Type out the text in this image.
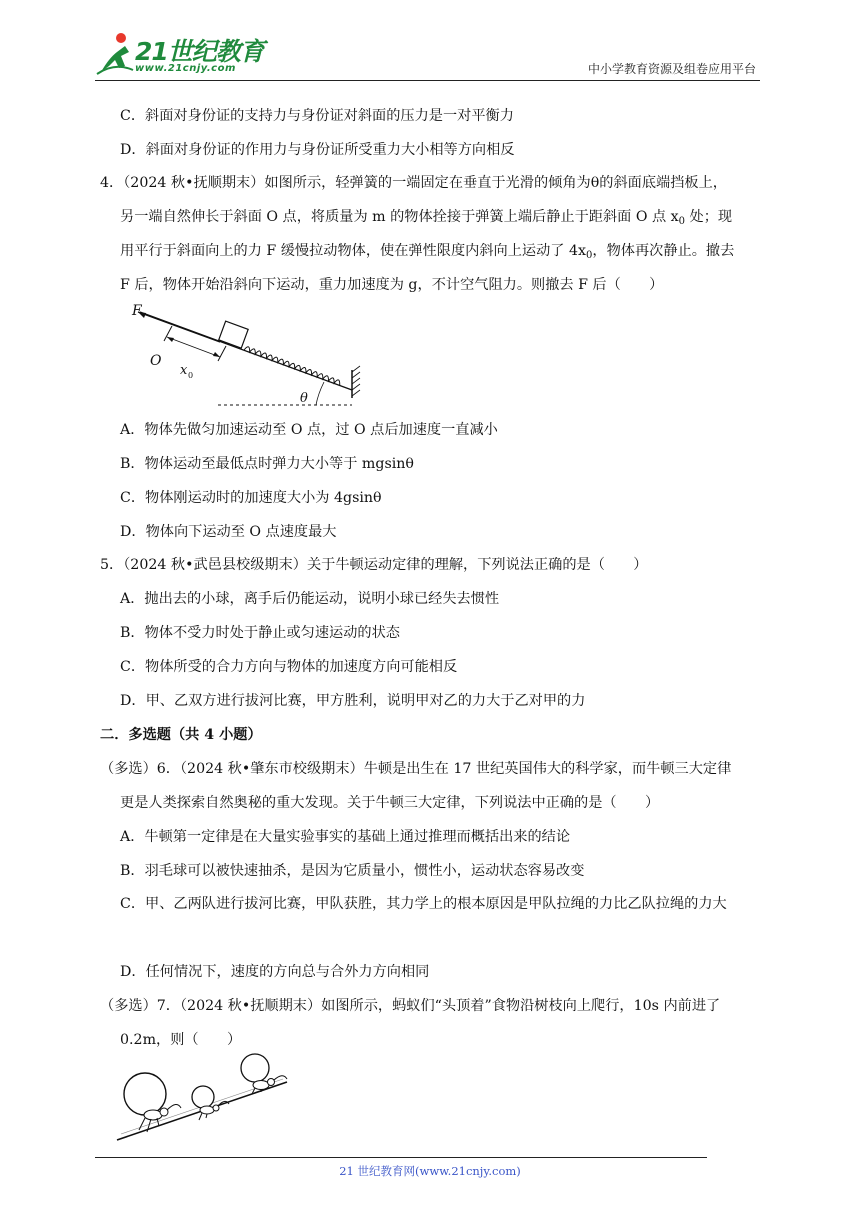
21世纪教育
www.21cnjy.com	中小学教育资源及组卷应用平台
C．斜面对身份证的支持力与身份证对斜面的压力是一对平衡力
D．斜面对身份证的作用力与身份证所受重力大小相等方向相反
4．（2024 秋•抚顺期末）如图所示，轻弹簧的一端固定在垂直于光滑的倾角为θ的斜面底端挡板上，
另一端自然伸长于斜面 O 点，将质量为 m 的物体拴接于弹簧上端后静止于距斜面 O 点 $x_0$ 处；现
用平行于斜面向上的力 F 缓慢拉动物体，使在弹性限度内斜向上运动了 $4x_0$，物体再次静止。撤去
F 后，物体开始沿斜向下运动，重力加速度为 g，不计空气阻力。则撤去 F 后（　　）
F
O
x 0
θ
A．物体先做匀加速运动至 O 点，过 O 点后加速度一直减小
B．物体运动至最低点时弹力大小等于 mgsinθ
C．物体刚运动时的加速度大小为 4gsinθ
D．物体向下运动至 O 点速度最大
5．（2024 秋•武邑县校级期末）关于牛顿运动定律的理解，下列说法正确的是（　　）
A．抛出去的小球，离手后仍能运动，说明小球已经失去惯性
B．物体不受力时处于静止或匀速运动的状态
C．物体所受的合力方向与物体的加速度方向可能相反
D．甲、乙双方进行拔河比赛，甲方胜利，说明甲对乙的力大于乙对甲的力
二．多选题（共 4 小题）
（多选）6．（2024 秋•肇东市校级期末）牛顿是出生在 17 世纪英国伟大的科学家，而牛顿三大定律
更是人类探索自然奥秘的重大发现。关于牛顿三大定律，下列说法中正确的是（　　）
A．牛顿第一定律是在大量实验事实的基础上通过推理而概括出来的结论
B．羽毛球可以被快速抽杀，是因为它质量小，惯性小，运动状态容易改变
C．甲、乙两队进行拔河比赛，甲队获胜，其力学上的根本原因是甲队拉绳的力比乙队拉绳的力大
D．任何情况下，速度的方向总与合外力方向相同
（多选）7．（2024 秋•抚顺期末）如图所示，蚂蚁们“头顶着”食物沿树枝向上爬行，10s 内前进了
0.2m，则（　　）
21 世纪教育网(www.21cnjy.com)
